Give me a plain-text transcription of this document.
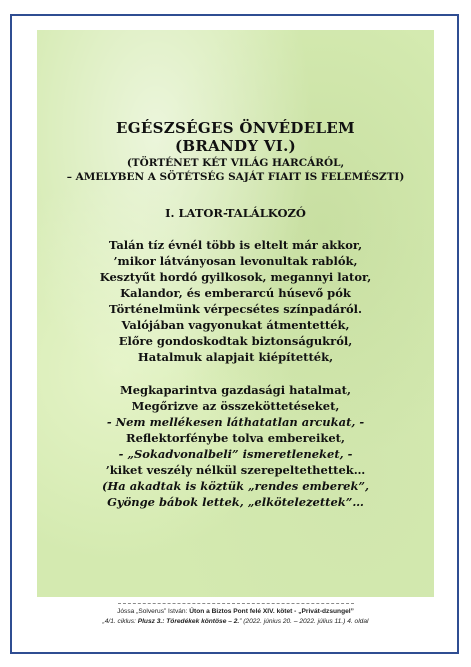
EGÉSZSÉGES ÖNVÉDELEM
(BRANDY VI.)
(TÖRTÉNET KÉT VILÁG HARCÁRÓL,
– AMELYBEN A SÖTÉTSÉG SAJÁT FIAIT IS FELEMÉSZTI)
I. LATOR-TALÁLKOZÓ
Talán tíz évnél több is eltelt már akkor,
’mikor látványosan levonultak rablók,
Kesztyűt hordó gyilkosok, megannyi lator,
Kalandor, és emberarcú húsevő pók
Történelmünk vérpecsétes színpadáról.
Valójában vagyonukat átmentették,
Előre gondoskodtak biztonságukról,
Hatalmuk alapjait kiépítették,
Megkaparintva gazdasági hatalmat,
Megőrizve az összeköttetéseket,
- Nem mellékesen láthatatlan arcukat, -
Reflektorfénybe tolva embereiket,
- „Sokadvonalbeli” ismeretleneket, -
’kiket veszély nélkül szerepeltethettek…
(Ha akadtak is köztük „rendes emberek”,
Gyönge bábok lettek, „elkötelezettek”…
Jóssa „Solverus” István: Úton a Biztos Pont felé XIV. kötet - „Privát-dzsungel”
„4/1. ciklus: Plusz 3.: Töredékek köntöse – 2.” (2022. június 20. – 2022. július 11.) 4. oldal
